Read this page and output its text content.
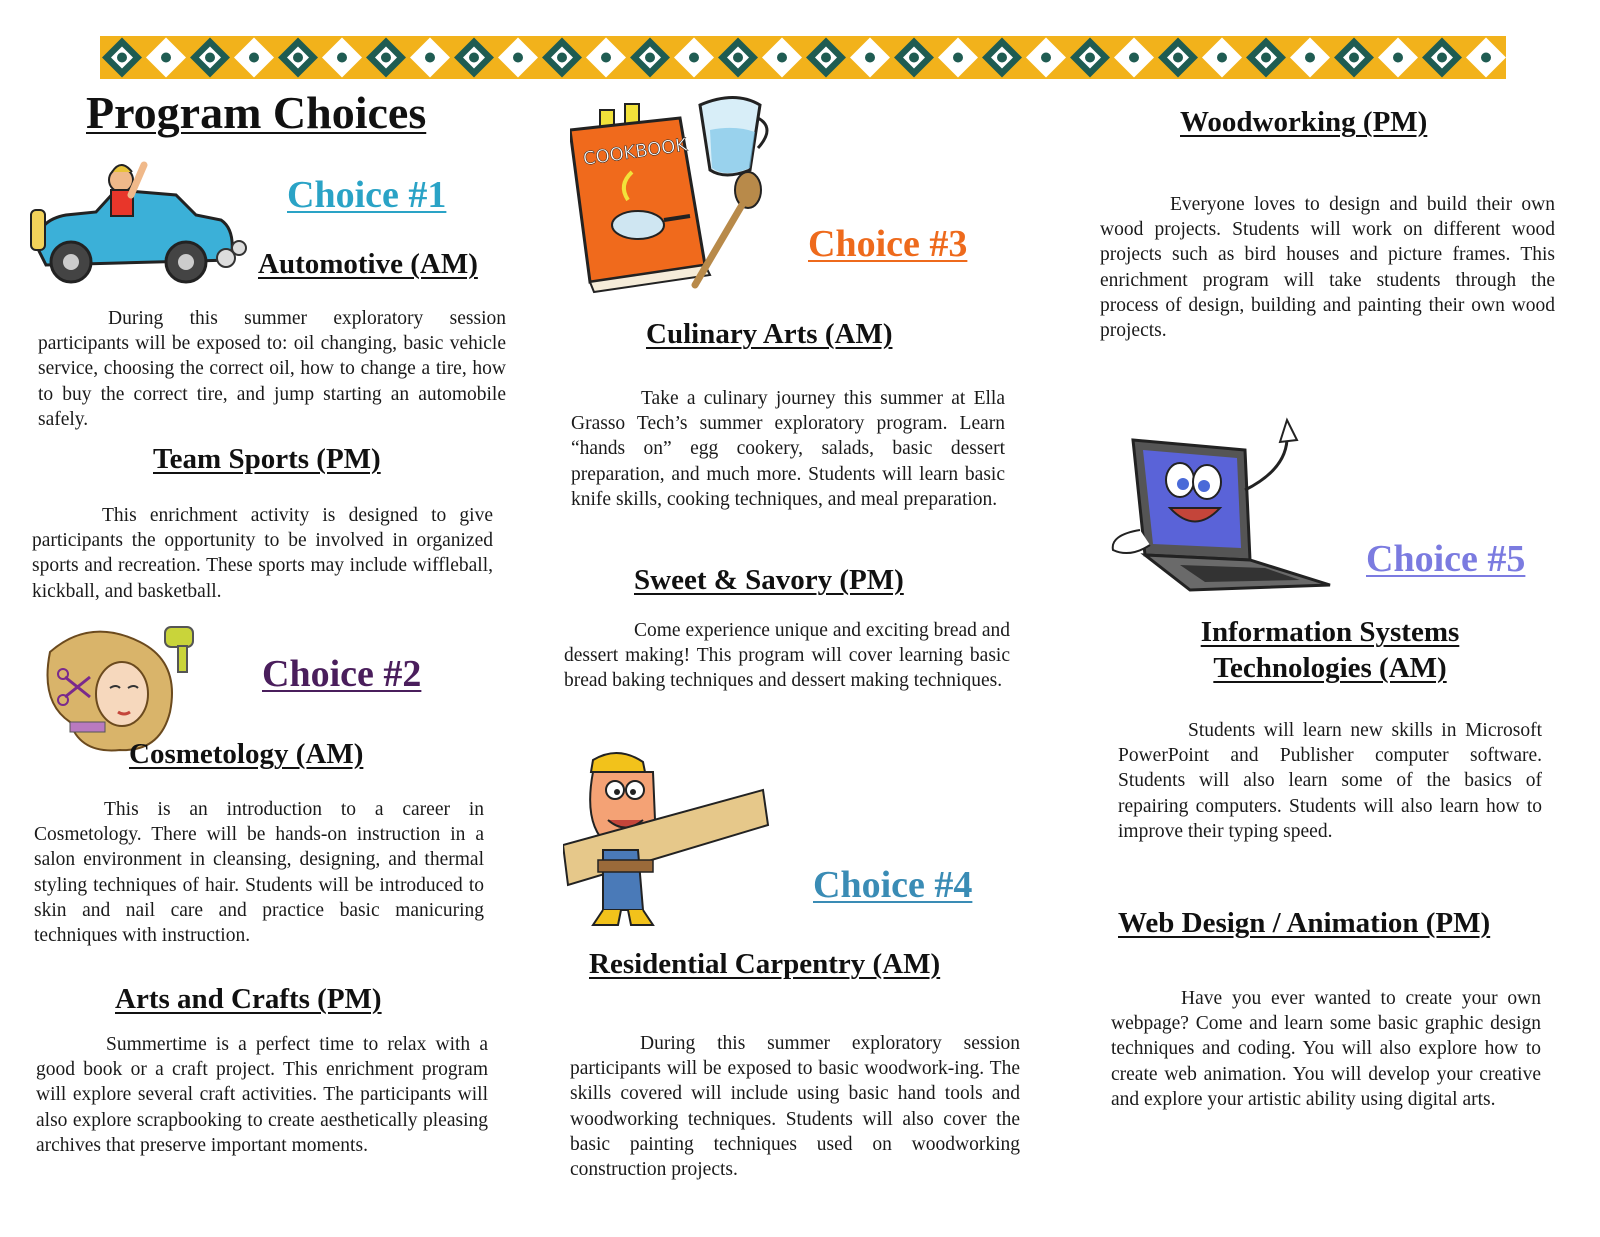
Program Choices
Choice #1
Automotive (AM)

During this summer exploratory session participants will be exposed to: oil changing, basic vehicle service, choosing the correct oil, how to change a tire, how to buy the correct tire, and jump starting an automobile safely.

Team Sports (PM)

This enrichment activity is designed to give participants the opportunity to be involved in organized sports and recreation. These sports may include wiffleball, kickball, and basketball.

Choice #2
Cosmetology (AM)

This is an introduction to a career in Cosmetology. There will be hands-on instruction in a salon environment in cleansing, designing, and thermal styling techniques of hair. Students will be introduced to skin and nail care and practice basic manicuring techniques with instruction.

Arts and Crafts (PM)

Summertime is a perfect time to relax with a good book or a craft project. This enrichment program will explore several craft activities. The participants will also explore scrapbooking to create aesthetically pleasing archives that preserve important moments.

COOKBOOK
Choice #3
Culinary Arts (AM)

Take a culinary journey this summer at Ella Grasso Tech’s summer exploratory program. Learn “hands on” egg cookery, salads, basic dessert preparation, and much more. Students will learn basic knife skills, cooking techniques, and meal preparation.

Sweet & Savory (PM)

Come experience unique and exciting bread and dessert making! This program will cover learning basic bread baking techniques and dessert making techniques.

Choice #4
Residential Carpentry (AM)

During this summer exploratory session participants will be exposed to basic woodwork-ing. The skills covered will include using basic hand tools and woodworking techniques. Students will also cover the basic painting techniques used on woodworking construction projects.

Woodworking (PM)

Everyone loves to design and build their own wood projects. Students will work on different wood projects such as bird houses and picture frames. This enrichment program will take students through the process of design, building and painting their own wood projects.

Choice #5
Information Systems
Technologies (AM)

Students will learn new skills in Microsoft PowerPoint and Publisher computer software. Students will also learn some of the basics of repairing computers. Students will also learn how to improve their typing speed.

Web Design / Animation (PM)

Have you ever wanted to create your own webpage? Come and learn some basic graphic design techniques and coding. You will also explore how to create web animation. You will develop your creative and explore your artistic ability using digital arts.
